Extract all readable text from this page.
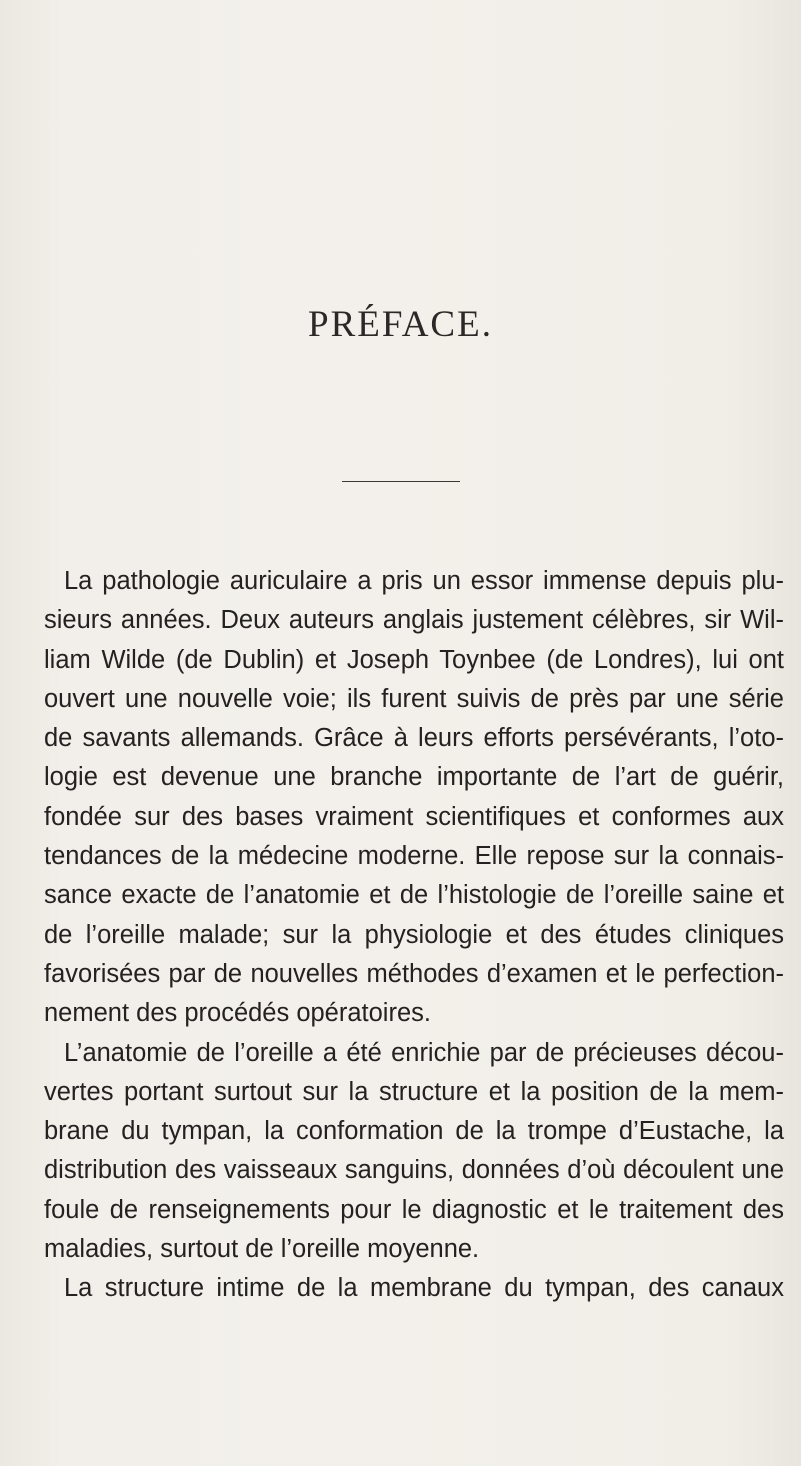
PRÉFACE.

La pathologie auriculaire a pris un essor immense depuis plu-
sieurs années. Deux auteurs anglais justement célèbres, sir Wil-
liam Wilde (de Dublin) et Joseph Toynbee (de Londres), lui ont
ouvert une nouvelle voie; ils furent suivis de près par une série
de savants allemands. Grâce à leurs efforts persévérants, l’oto-
logie est devenue une branche importante de l’art de guérir,
fondée sur des bases vraiment scientifiques et conformes aux
tendances de la médecine moderne. Elle repose sur la connais-
sance exacte de l’anatomie et de l’histologie de l’oreille saine et
de l’oreille malade; sur la physiologie et des études cliniques
favorisées par de nouvelles méthodes d’examen et le perfection-
nement des procédés opératoires.

L’anatomie de l’oreille a été enrichie par de précieuses décou-
vertes portant surtout sur la structure et la position de la mem-
brane du tympan, la conformation de la trompe d’Eustache, la
distribution des vaisseaux sanguins, données d’où découlent une
foule de renseignements pour le diagnostic et le traitement des
maladies, surtout de l’oreille moyenne.

La structure intime de la membrane du tympan, des canaux
